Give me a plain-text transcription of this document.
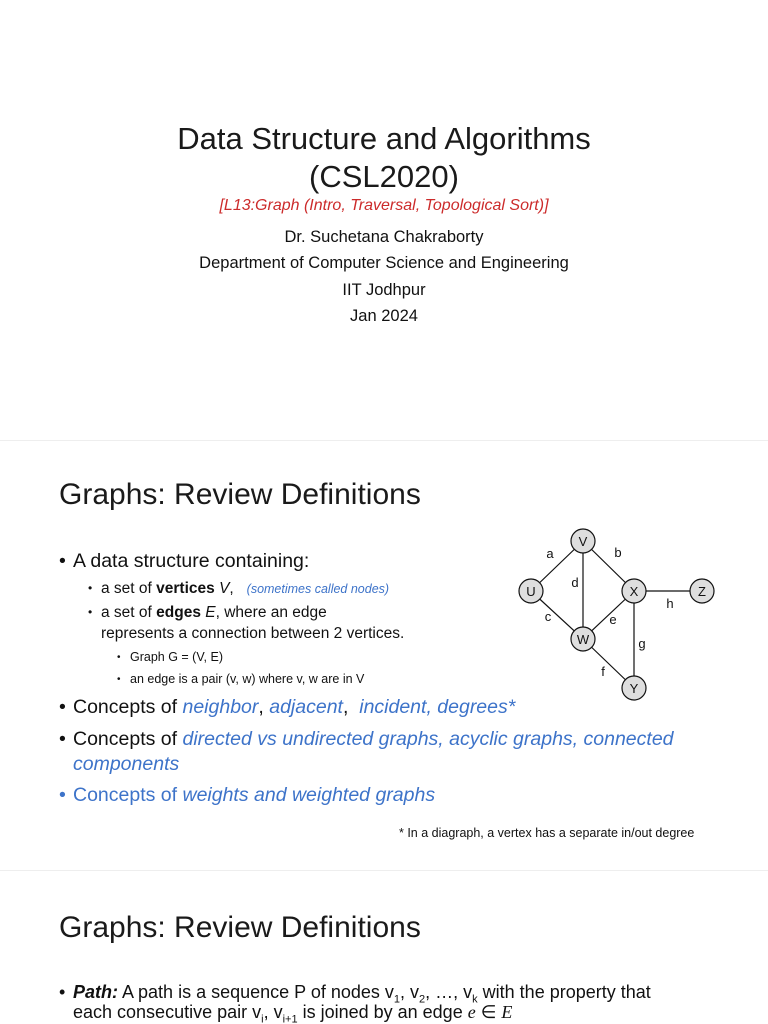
Data Structure and Algorithms
(CSL2020)
[L13:Graph (Intro, Traversal, Topological Sort)]
Dr. Suchetana Chakraborty
Department of Computer Science and Engineering
IIT Jodhpur
Jan 2024
Graphs: Review Definitions
• A data structure containing:
• a set of vertices V,   (sometimes called nodes)
• a set of edges E, where an edge
represents a connection between 2 vertices.
• Graph G = (V, E)
• an edge is a pair (v, w) where v, w are in V
• Concepts of neighbor, adjacent,  incident, degrees*
• Concepts of directed vs undirected graphs, acyclic graphs, connected
components
• Concepts of weights and weighted graphs
* In a diagraph, a vertex has a separate in/out degree
V
U	X	Z
W
Y
a	b
d
c	e
h
g
f
Graphs: Review Definitions
• Path: A path is a sequence P of nodes $v_1$, $v_2$, …, $v_k$ with the property that
each consecutive pair $v_i$, $v_{i+1}$ is joined by an edge e ∈ E
